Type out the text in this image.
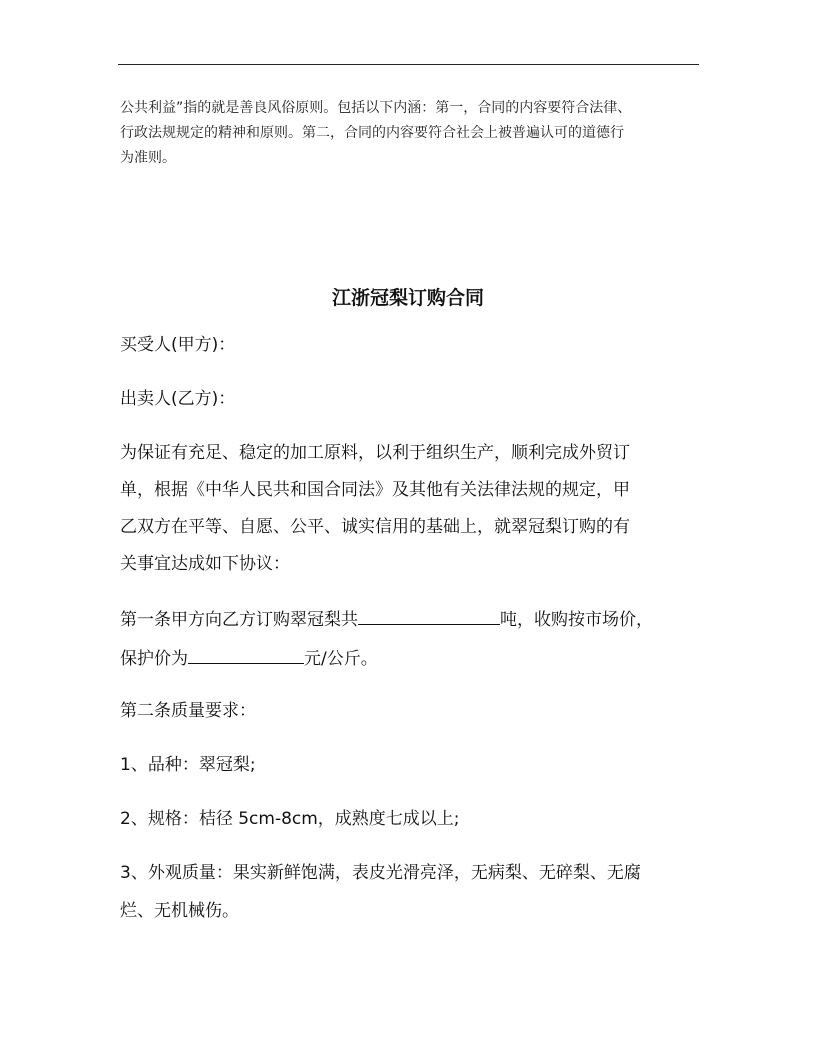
公共利益”指的就是善良风俗原则。包括以下内涵：第一，合同的内容要符合法律、

行政法规规定的精神和原则。第二，合同的内容要符合社会上被普遍认可的道德行

为准则。

江浙冠梨订购合同
买受人(甲方)：
出卖人(乙方)：
为保证有充足、稳定的加工原料，以利于组织生产，顺利完成外贸订
单，根据《中华人民共和国合同法》及其他有关法律法规的规定，甲
乙双方在平等、自愿、公平、诚实信用的基础上，就翠冠梨订购的有
关事宜达成如下协议：
第一条甲方向乙方订购翠冠梨共	吨，收购按市场价，
保护价为	元/公斤。
第二条质量要求：
1、品种：翠冠梨;
2、规格：桔径 5cm-8cm，成熟度七成以上;
3、外观质量：果实新鲜饱满，表皮光滑亮泽，无病梨、无碎梨、无腐
烂、无机械伤。
